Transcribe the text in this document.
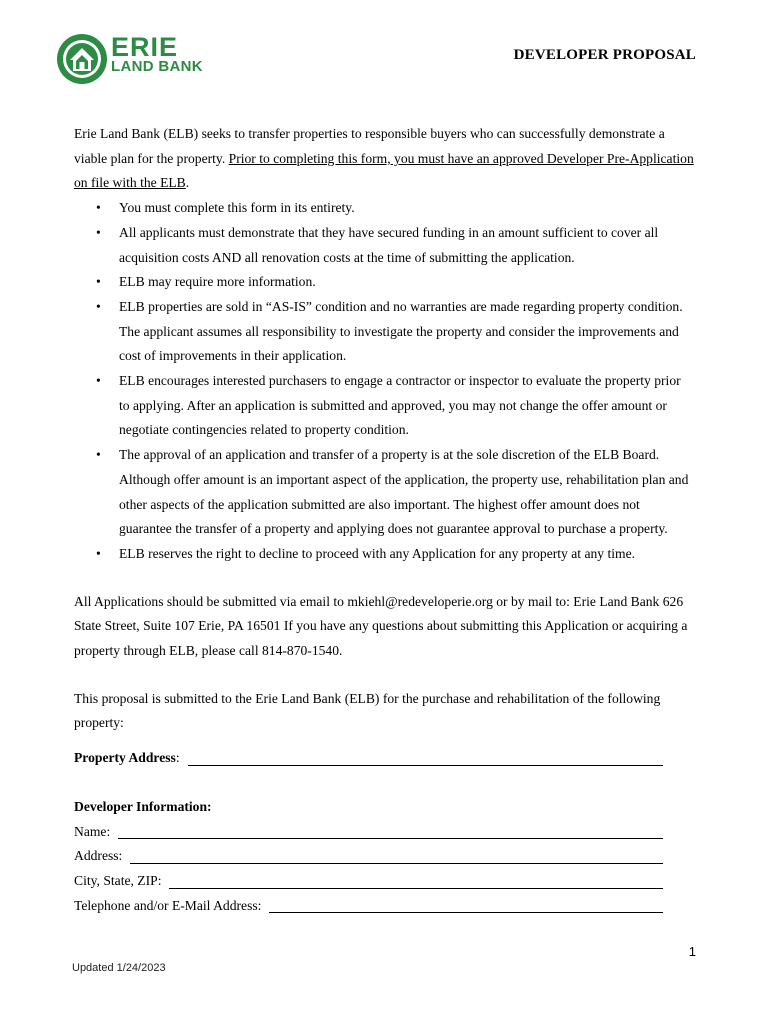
ERIE
LAND BANK
DEVELOPER PROPOSAL

Erie Land Bank (ELB) seeks to transfer properties to responsible buyers who can successfully demonstrate a viable plan for the property. Prior to completing this form, you must have an approved Developer Pre-Application on file with the ELB.

• You must complete this form in its entirety.
• All applicants must demonstrate that they have secured funding in an amount sufficient to cover all acquisition costs AND all renovation costs at the time of submitting the application.
• ELB may require more information.
• ELB properties are sold in “AS-IS” condition and no warranties are made regarding property condition. The applicant assumes all responsibility to investigate the property and consider the improvements and cost of improvements in their application.
• ELB encourages interested purchasers to engage a contractor or inspector to evaluate the property prior to applying. After an application is submitted and approved, you may not change the offer amount or negotiate contingencies related to property condition.
• The approval of an application and transfer of a property is at the sole discretion of the ELB Board. Although offer amount is an important aspect of the application, the property use, rehabilitation plan and other aspects of the application submitted are also important. The highest offer amount does not guarantee the transfer of a property and applying does not guarantee approval to purchase a property.
• ELB reserves the right to decline to proceed with any Application for any property at any time.

All Applications should be submitted via email to mkiehl@redeveloperie.org or by mail to: Erie Land Bank 626 State Street, Suite 107 Erie, PA 16501 If you have any questions about submitting this Application or acquiring a property through ELB, please call 814-870-1540.

This proposal is submitted to the Erie Land Bank (ELB) for the purchase and rehabilitation of the following property:

Property Address :
Developer Information:
Name:
Address:
City, State, ZIP:
Telephone and/or E-Mail Address:
1
Updated 1/24/2023
